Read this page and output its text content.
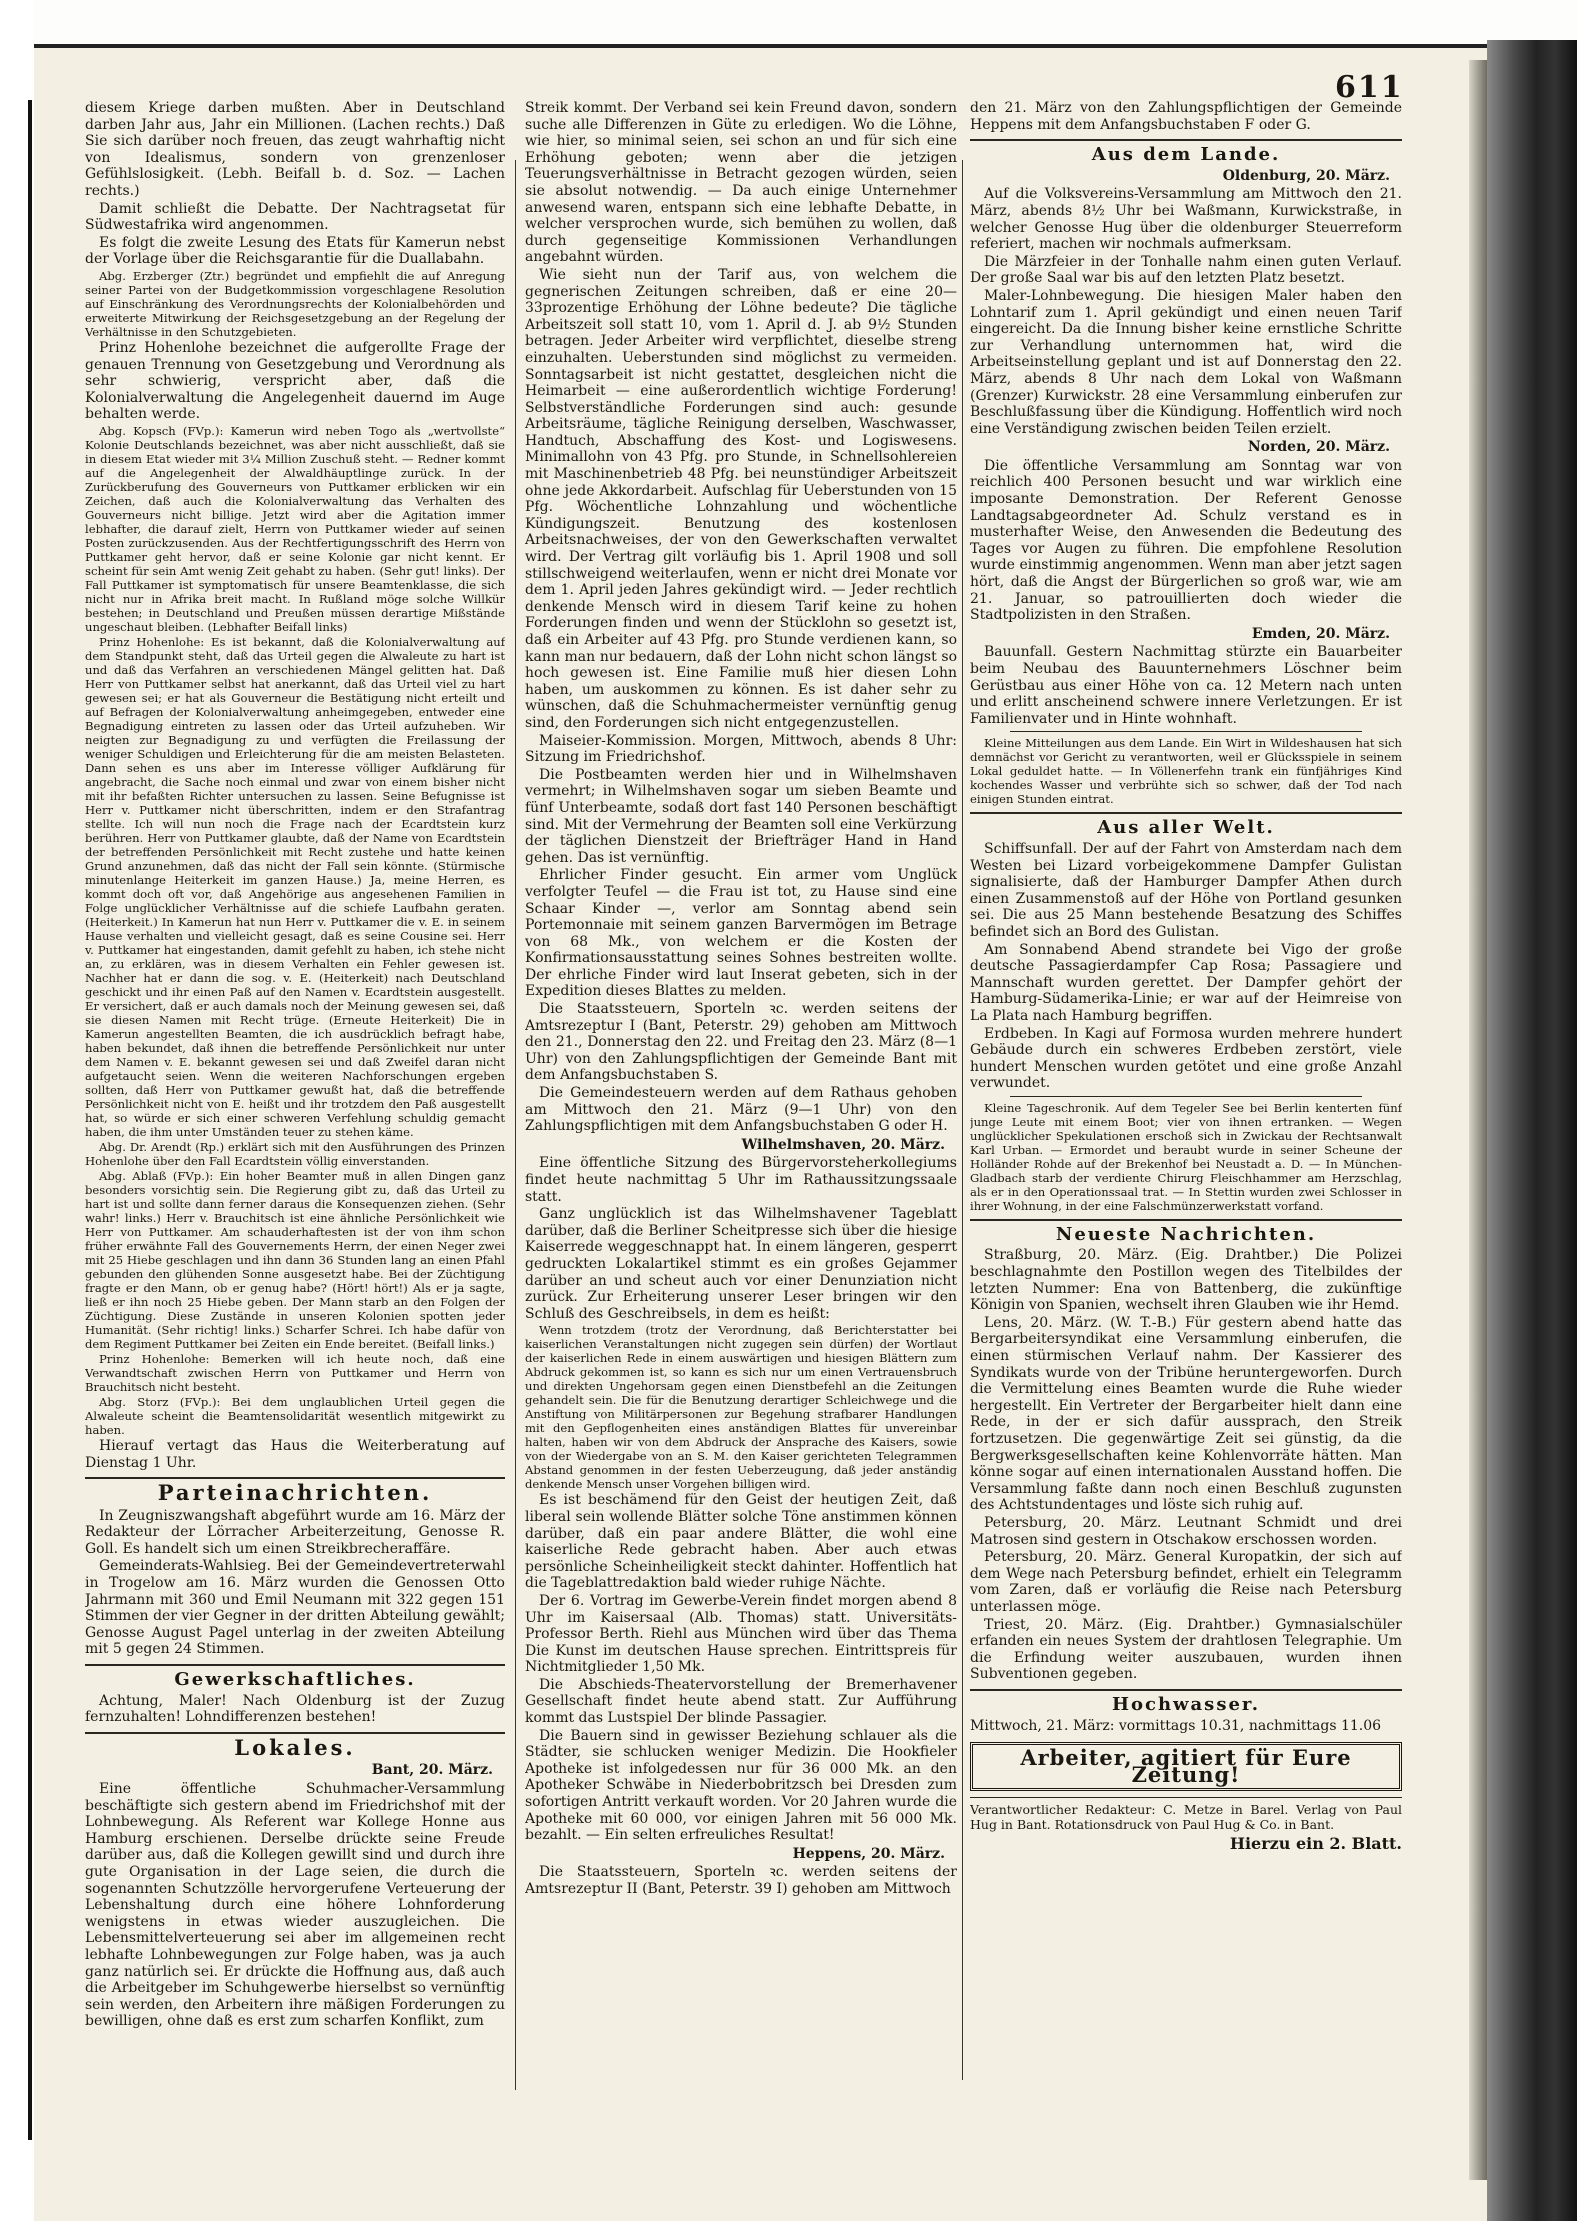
611

diesem Kriege darben mußten. Aber in Deutschland darben Jahr aus, Jahr ein Millionen. (Lachen rechts.) Daß Sie sich darüber noch freuen, das zeugt wahrhaftig nicht von Idealismus, sondern von grenzenloser Gefühlslosigkeit. (Lebh. Beifall b. d. Soz. — Lachen rechts.)

Damit schließt die Debatte. Der Nachtragsetat für Südwestafrika wird angenommen.

Es folgt die zweite Lesung des Etats für Kamerun nebst der Vorlage über die Reichsgarantie für die Duallabahn.

Abg. Erzberger (Ztr.) begründet und empfiehlt die auf Anregung seiner Partei von der Budgetkommission vorgeschlagene Resolution auf Einschränkung des Verordnungsrechts der Kolonialbehörden und erweiterte Mitwirkung der Reichsgesetzgebung an der Regelung der Verhältnisse in den Schutzgebieten.

Prinz Hohenlohe bezeichnet die aufgerollte Frage der genauen Trennung von Gesetzgebung und Verordnung als sehr schwierig, verspricht aber, daß die Kolonialverwaltung die Angelegenheit dauernd im Auge behalten werde.

Abg. Kopsch (FVp.): Kamerun wird neben Togo als „wertvollste“ Kolonie Deutschlands bezeichnet, was aber nicht ausschließt, daß sie in diesem Etat wieder mit 3¼ Million Zuschuß steht. — Redner kommt auf die Angelegenheit der Alwaldhäuptlinge zurück. In der Zurückberufung des Gouverneurs von Puttkamer erblicken wir ein Zeichen, daß auch die Kolonialverwaltung das Verhalten des Gouverneurs nicht billige. Jetzt wird aber die Agitation immer lebhafter, die darauf zielt, Herrn von Puttkamer wieder auf seinen Posten zurückzusenden. Aus der Rechtfertigungsschrift des Herrn von Puttkamer geht hervor, daß er seine Kolonie gar nicht kennt. Er scheint für sein Amt wenig Zeit gehabt zu haben. (Sehr gut! links). Der Fall Puttkamer ist symptomatisch für unsere Beamtenklasse, die sich nicht nur in Afrika breit macht. In Rußland möge solche Willkür bestehen; in Deutschland und Preußen müssen derartige Mißstände ungeschaut bleiben. (Lebhafter Beifall links)

Prinz Hohenlohe: Es ist bekannt, daß die Kolonialverwaltung auf dem Standpunkt steht, daß das Urteil gegen die Alwaleute zu hart ist und daß das Verfahren an verschiedenen Mängel gelitten hat. Daß Herr von Puttkamer selbst hat anerkannt, daß das Urteil viel zu hart gewesen sei; er hat als Gouverneur die Bestätigung nicht erteilt und auf Befragen der Kolonialverwaltung anheimgegeben, entweder eine Begnadigung eintreten zu lassen oder das Urteil aufzuheben. Wir neigten zur Begnadigung zu und verfügten die Freilassung der weniger Schuldigen und Erleichterung für die am meisten Belasteten. Dann sehen es uns aber im Interesse völliger Aufklärung für angebracht, die Sache noch einmal und zwar von einem bisher nicht mit ihr befaßten Richter untersuchen zu lassen. Seine Befugnisse ist Herr v. Puttkamer nicht überschritten, indem er den Strafantrag stellte. Ich will nun noch die Frage nach der Ecardtstein kurz berühren. Herr von Puttkamer glaubte, daß der Name von Ecardtstein der betreffenden Persönlichkeit mit Recht zustehe und hatte keinen Grund anzunehmen, daß das nicht der Fall sein könnte. (Stürmische minutenlange Heiterkeit im ganzen Hause.) Ja, meine Herren, es kommt doch oft vor, daß Angehörige aus angesehenen Familien in Folge unglücklicher Verhältnisse auf die schiefe Laufbahn geraten. (Heiterkeit.) In Kamerun hat nun Herr v. Puttkamer die v. E. in seinem Hause verhalten und vielleicht gesagt, daß es seine Cousine sei. Herr v. Puttkamer hat eingestanden, damit gefehlt zu haben, ich stehe nicht an, zu erklären, was in diesem Verhalten ein Fehler gewesen ist. Nachher hat er dann die sog. v. E. (Heiterkeit) nach Deutschland geschickt und ihr einen Paß auf den Namen v. Ecardtstein ausgestellt. Er versichert, daß er auch damals noch der Meinung gewesen sei, daß sie diesen Namen mit Recht trüge. (Erneute Heiterkeit) Die in Kamerun angestellten Beamten, die ich ausdrücklich befragt habe, haben bekundet, daß ihnen die betreffende Persönlichkeit nur unter dem Namen v. E. bekannt gewesen sei und daß Zweifel daran nicht aufgetaucht seien. Wenn die weiteren Nachforschungen ergeben sollten, daß Herr von Puttkamer gewußt hat, daß die betreffende Persönlichkeit nicht von E. heißt und ihr trotzdem den Paß ausgestellt hat, so würde er sich einer schweren Verfehlung schuldig gemacht haben, die ihm unter Umständen teuer zu stehen käme.

Abg. Dr. Arendt (Rp.) erklärt sich mit den Ausführungen des Prinzen Hohenlohe über den Fall Ecardtstein völlig einverstanden.

Abg. Ablaß (FVp.): Ein hoher Beamter muß in allen Dingen ganz besonders vorsichtig sein. Die Regierung gibt zu, daß das Urteil zu hart ist und sollte dann ferner daraus die Konsequenzen ziehen. (Sehr wahr! links.) Herr v. Brauchitsch ist eine ähnliche Persönlichkeit wie Herr von Puttkamer. Am schauderhaftesten ist der von ihm schon früher erwähnte Fall des Gouvernements Herrn, der einen Neger zwei mit 25 Hiebe geschlagen und ihn dann 36 Stunden lang an einen Pfahl gebunden den glühenden Sonne ausgesetzt habe. Bei der Züchtigung fragte er den Mann, ob er genug habe? (Hört! hört!) Als er ja sagte, ließ er ihn noch 25 Hiebe geben. Der Mann starb an den Folgen der Züchtigung. Diese Zustände in unseren Kolonien spotten jeder Humanität. (Sehr richtig! links.) Scharfer Schrei. Ich habe dafür von dem Regiment Puttkamer bei Zeiten ein Ende bereitet. (Beifall links.)

Prinz Hohenlohe: Bemerken will ich heute noch, daß eine Verwandtschaft zwischen Herrn von Puttkamer und Herrn von Brauchitsch nicht besteht.

Abg. Storz (FVp.): Bei dem unglaublichen Urteil gegen die Alwaleute scheint die Beamtensolidarität wesentlich mitgewirkt zu haben.

Hierauf vertagt das Haus die Weiterberatung auf Dienstag 1 Uhr.

Parteinachrichten.

In Zeugniszwangshaft abgeführt wurde am 16. März der Redakteur der Lörracher Arbeiterzeitung, Genosse R. Goll. Es handelt sich um einen Streikbrecheraffäre.

Gemeinderats-Wahlsieg. Bei der Gemeindevertreterwahl in Trogelow am 16. März wurden die Genossen Otto Jahrmann mit 360 und Emil Neumann mit 322 gegen 151 Stimmen der vier Gegner in der dritten Abteilung gewählt; Genosse August Pagel unterlag in der zweiten Abteilung mit 5 gegen 24 Stimmen.

Gewerkschaftliches.

Achtung, Maler! Nach Oldenburg ist der Zuzug fernzuhalten! Lohndifferenzen bestehen!

Lokales.
Bant, 20. März.

Eine öffentliche Schuhmacher-Versammlung beschäftigte sich gestern abend im Friedrichshof mit der Lohnbewegung. Als Referent war Kollege Honne aus Hamburg erschienen. Derselbe drückte seine Freude darüber aus, daß die Kollegen gewillt sind und durch ihre gute Organisation in der Lage seien, die durch die sogenannten Schutzzölle hervorgerufene Verteuerung der Lebenshaltung durch eine höhere Lohnforderung wenigstens in etwas wieder auszugleichen. Die Lebensmittelverteuerung sei aber im allgemeinen recht lebhafte Lohnbewegungen zur Folge haben, was ja auch ganz natürlich sei. Er drückte die Hoffnung aus, daß auch die Arbeitgeber im Schuhgewerbe hierselbst so vernünftig sein werden, den Arbeitern ihre mäßigen Forderungen zu bewilligen, ohne daß es erst zum scharfen Konflikt, zum

Streik kommt. Der Verband sei kein Freund davon, sondern suche alle Differenzen in Güte zu erledigen. Wo die Löhne, wie hier, so minimal seien, sei schon an und für sich eine Erhöhung geboten; wenn aber die jetzigen Teuerungsverhältnisse in Betracht gezogen würden, seien sie absolut notwendig. — Da auch einige Unternehmer anwesend waren, entspann sich eine lebhafte Debatte, in welcher versprochen wurde, sich bemühen zu wollen, daß durch gegenseitige Kommissionen Verhandlungen angebahnt würden.

Wie sieht nun der Tarif aus, von welchem die gegnerischen Zeitungen schreiben, daß er eine 20—33prozentige Erhöhung der Löhne bedeute? Die tägliche Arbeitszeit soll statt 10, vom 1. April d. J. ab 9½ Stunden betragen. Jeder Arbeiter wird verpflichtet, dieselbe streng einzuhalten. Ueberstunden sind möglichst zu vermeiden. Sonntagsarbeit ist nicht gestattet, desgleichen nicht die Heimarbeit — eine außerordentlich wichtige Forderung! Selbstverständliche Forderungen sind auch: gesunde Arbeitsräume, tägliche Reinigung derselben, Waschwasser, Handtuch, Abschaffung des Kost- und Logiswesens. Minimallohn von 43 Pfg. pro Stunde, in Schnellsohlereien mit Maschinenbetrieb 48 Pfg. bei neunstündiger Arbeitszeit ohne jede Akkordarbeit. Aufschlag für Ueberstunden von 15 Pfg. Wöchentliche Lohnzahlung und wöchentliche Kündigungszeit. Benutzung des kostenlosen Arbeitsnachweises, der von den Gewerkschaften verwaltet wird. Der Vertrag gilt vorläufig bis 1. April 1908 und soll stillschweigend weiterlaufen, wenn er nicht drei Monate vor dem 1. April jeden Jahres gekündigt wird. — Jeder rechtlich denkende Mensch wird in diesem Tarif keine zu hohen Forderungen finden und wenn der Stücklohn so gesetzt ist, daß ein Arbeiter auf 43 Pfg. pro Stunde verdienen kann, so kann man nur bedauern, daß der Lohn nicht schon längst so hoch gewesen ist. Eine Familie muß hier diesen Lohn haben, um auskommen zu können. Es ist daher sehr zu wünschen, daß die Schuhmachermeister vernünftig genug sind, den Forderungen sich nicht entgegenzustellen.

Maiseier-Kommission. Morgen, Mittwoch, abends 8 Uhr: Sitzung im Friedrichshof.

Die Postbeamten werden hier und in Wilhelmshaven vermehrt; in Wilhelmshaven sogar um sieben Beamte und fünf Unterbeamte, sodaß dort fast 140 Personen beschäftigt sind. Mit der Vermehrung der Beamten soll eine Verkürzung der täglichen Dienstzeit der Briefträger Hand in Hand gehen. Das ist vernünftig.

Ehrlicher Finder gesucht. Ein armer vom Unglück verfolgter Teufel — die Frau ist tot, zu Hause sind eine Schaar Kinder —, verlor am Sonntag abend sein Portemonnaie mit seinem ganzen Barvermögen im Betrage von 68 Mk., von welchem er die Kosten der Konfirmationsausstattung seines Sohnes bestreiten wollte. Der ehrliche Finder wird laut Inserat gebeten, sich in der Expedition dieses Blattes zu melden.

Die Staatssteuern, Sporteln ꝛc. werden seitens der Amtsrezeptur I (Bant, Peterstr. 29) gehoben am Mittwoch den 21., Donnerstag den 22. und Freitag den 23. März (8—1 Uhr) von den Zahlungspflichtigen der Gemeinde Bant mit dem Anfangsbuchstaben S.

Die Gemeindesteuern werden auf dem Rathaus gehoben am Mittwoch den 21. März (9—1 Uhr) von den Zahlungspflichtigen mit dem Anfangsbuchstaben G oder H.

Wilhelmshaven, 20. März.

Eine öffentliche Sitzung des Bürgervorsteherkollegiums findet heute nachmittag 5 Uhr im Rathaussitzungssaale statt.

Ganz unglücklich ist das Wilhelmshavener Tageblatt darüber, daß die Berliner Scheitpresse sich über die hiesige Kaiserrede weggeschnappt hat. In einem längeren, gesperrt gedruckten Lokalartikel stimmt es ein großes Gejammer darüber an und scheut auch vor einer Denunziation nicht zurück. Zur Erheiterung unserer Leser bringen wir den Schluß des Geschreibsels, in dem es heißt:

Wenn trotzdem (trotz der Verordnung, daß Berichterstatter bei kaiserlichen Veranstaltungen nicht zugegen sein dürfen) der Wortlaut der kaiserlichen Rede in einem auswärtigen und hiesigen Blättern zum Abdruck gekommen ist, so kann es sich nur um einen Vertrauensbruch und direkten Ungehorsam gegen einen Dienstbefehl an die Zeitungen gehandelt sein. Die für die Benutzung derartiger Schleichwege und die Anstiftung von Militärpersonen zur Begehung strafbarer Handlungen mit den Gepflogenheiten eines anständigen Blattes für unvereinbar halten, haben wir von dem Abdruck der Ansprache des Kaisers, sowie von der Wiedergabe von an S. M. den Kaiser gerichteten Telegrammen Abstand genommen in der festen Ueberzeugung, daß jeder anständig denkende Mensch unser Vorgehen billigen wird.

Es ist beschämend für den Geist der heutigen Zeit, daß liberal sein wollende Blätter solche Töne anstimmen können darüber, daß ein paar andere Blätter, die wohl eine kaiserliche Rede gebracht haben. Aber auch etwas persönliche Scheinheiligkeit steckt dahinter. Hoffentlich hat die Tageblattredaktion bald wieder ruhige Nächte.

Der 6. Vortrag im Gewerbe-Verein findet morgen abend 8 Uhr im Kaisersaal (Alb. Thomas) statt. Universitäts-Professor Berth. Riehl aus München wird über das Thema Die Kunst im deutschen Hause sprechen. Eintrittspreis für Nichtmitglieder 1,50 Mk.

Die Abschieds-Theatervorstellung der Bremerhavener Gesellschaft findet heute abend statt. Zur Aufführung kommt das Lustspiel Der blinde Passagier.

Die Bauern sind in gewisser Beziehung schlauer als die Städter, sie schlucken weniger Medizin. Die Hookfieler Apotheke ist infolgedessen nur für 36 000 Mk. an den Apotheker Schwäbe in Niederbobritzsch bei Dresden zum sofortigen Antritt verkauft worden. Vor 20 Jahren wurde die Apotheke mit 60 000, vor einigen Jahren mit 56 000 Mk. bezahlt. — Ein selten erfreuliches Resultat!

Heppens, 20. März.

Die Staatssteuern, Sporteln ꝛc. werden seitens der Amtsrezeptur II (Bant, Peterstr. 39 I) gehoben am Mittwoch

den 21. März von den Zahlungspflichtigen der Gemeinde Heppens mit dem Anfangsbuchstaben F oder G.

Aus dem Lande.
Oldenburg, 20. März.

Auf die Volksvereins-Versammlung am Mittwoch den 21. März, abends 8½ Uhr bei Waßmann, Kurwickstraße, in welcher Genosse Hug über die oldenburger Steuerreform referiert, machen wir nochmals aufmerksam.

Die Märzfeier in der Tonhalle nahm einen guten Verlauf. Der große Saal war bis auf den letzten Platz besetzt.

Maler-Lohnbewegung. Die hiesigen Maler haben den Lohntarif zum 1. April gekündigt und einen neuen Tarif eingereicht. Da die Innung bisher keine ernstliche Schritte zur Verhandlung unternommen hat, wird die Arbeitseinstellung geplant und ist auf Donnerstag den 22. März, abends 8 Uhr nach dem Lokal von Waßmann (Grenzer) Kurwickstr. 28 eine Versammlung einberufen zur Beschlußfassung über die Kündigung. Hoffentlich wird noch eine Verständigung zwischen beiden Teilen erzielt.

Norden, 20. März.

Die öffentliche Versammlung am Sonntag war von reichlich 400 Personen besucht und war wirklich eine imposante Demonstration. Der Referent Genosse Landtagsabgeordneter Ad. Schulz verstand es in musterhafter Weise, den Anwesenden die Bedeutung des Tages vor Augen zu führen. Die empfohlene Resolution wurde einstimmig angenommen. Wenn man aber jetzt sagen hört, daß die Angst der Bürgerlichen so groß war, wie am 21. Januar, so patrouillierten doch wieder die Stadtpolizisten in den Straßen.

Emden, 20. März.

Bauunfall. Gestern Nachmittag stürzte ein Bauarbeiter beim Neubau des Bauunternehmers Löschner beim Gerüstbau aus einer Höhe von ca. 12 Metern nach unten und erlitt anscheinend schwere innere Verletzungen. Er ist Familienvater und in Hinte wohnhaft.

Kleine Mitteilungen aus dem Lande. Ein Wirt in Wildeshausen hat sich demnächst vor Gericht zu verantworten, weil er Glücksspiele in seinem Lokal geduldet hatte. — In Völlenerfehn trank ein fünfjähriges Kind kochendes Wasser und verbrühte sich so schwer, daß der Tod nach einigen Stunden eintrat.

Aus aller Welt.

Schiffsunfall. Der auf der Fahrt von Amsterdam nach dem Westen bei Lizard vorbeigekommene Dampfer Gulistan signalisierte, daß der Hamburger Dampfer Athen durch einen Zusammenstoß auf der Höhe von Portland gesunken sei. Die aus 25 Mann bestehende Besatzung des Schiffes befindet sich an Bord des Gulistan.

Am Sonnabend Abend strandete bei Vigo der große deutsche Passagierdampfer Cap Rosa; Passagiere und Mannschaft wurden gerettet. Der Dampfer gehört der Hamburg-Südamerika-Linie; er war auf der Heimreise von La Plata nach Hamburg begriffen.

Erdbeben. In Kagi auf Formosa wurden mehrere hundert Gebäude durch ein schweres Erdbeben zerstört, viele hundert Menschen wurden getötet und eine große Anzahl verwundet.

Kleine Tageschronik. Auf dem Tegeler See bei Berlin kenterten fünf junge Leute mit einem Boot; vier von ihnen ertranken. — Wegen unglücklicher Spekulationen erschoß sich in Zwickau der Rechtsanwalt Karl Urban. — Ermordet und beraubt wurde in seiner Scheune der Holländer Rohde auf der Brekenhof bei Neustadt a. D. — In München-Gladbach starb der verdiente Chirurg Fleischhammer am Herzschlag, als er in den Operationssaal trat. — In Stettin wurden zwei Schlosser in ihrer Wohnung, in der eine Falschmünzerwerkstatt vorfand.

Neueste Nachrichten.

Straßburg, 20. März. (Eig. Drahtber.) Die Polizei beschlagnahmte den Postillon wegen des Titelbildes der letzten Nummer: Ena von Battenberg, die zukünftige Königin von Spanien, wechselt ihren Glauben wie ihr Hemd.

Lens, 20. März. (W. T.-B.) Für gestern abend hatte das Bergarbeitersyndikat eine Versammlung einberufen, die einen stürmischen Verlauf nahm. Der Kassierer des Syndikats wurde von der Tribüne heruntergeworfen. Durch die Vermittelung eines Beamten wurde die Ruhe wieder hergestellt. Ein Vertreter der Bergarbeiter hielt dann eine Rede, in der er sich dafür aussprach, den Streik fortzusetzen. Die gegenwärtige Zeit sei günstig, da die Bergwerksgesellschaften keine Kohlenvorräte hätten. Man könne sogar auf einen internationalen Ausstand hoffen. Die Versammlung faßte dann noch einen Beschluß zugunsten des Achtstundentages und löste sich ruhig auf.

Petersburg, 20. März. Leutnant Schmidt und drei Matrosen sind gestern in Otschakow erschossen worden.

Petersburg, 20. März. General Kuropatkin, der sich auf dem Wege nach Petersburg befindet, erhielt ein Telegramm vom Zaren, daß er vorläufig die Reise nach Petersburg unterlassen möge.

Triest, 20. März. (Eig. Drahtber.) Gymnasialschüler erfanden ein neues System der drahtlosen Telegraphie. Um die Erfindung weiter auszubauen, wurden ihnen Subventionen gegeben.

Hochwasser.

Mittwoch, 21. März: vormittags 10.31, nachmittags 11.06

Arbeiter, agitiert für Eure Zeitung!
Verantwortlicher Redakteur: C. Metze in Barel. Verlag von Paul Hug in Bant. Rotationsdruck von Paul Hug & Co. in Bant.
Hierzu ein 2. Blatt.
